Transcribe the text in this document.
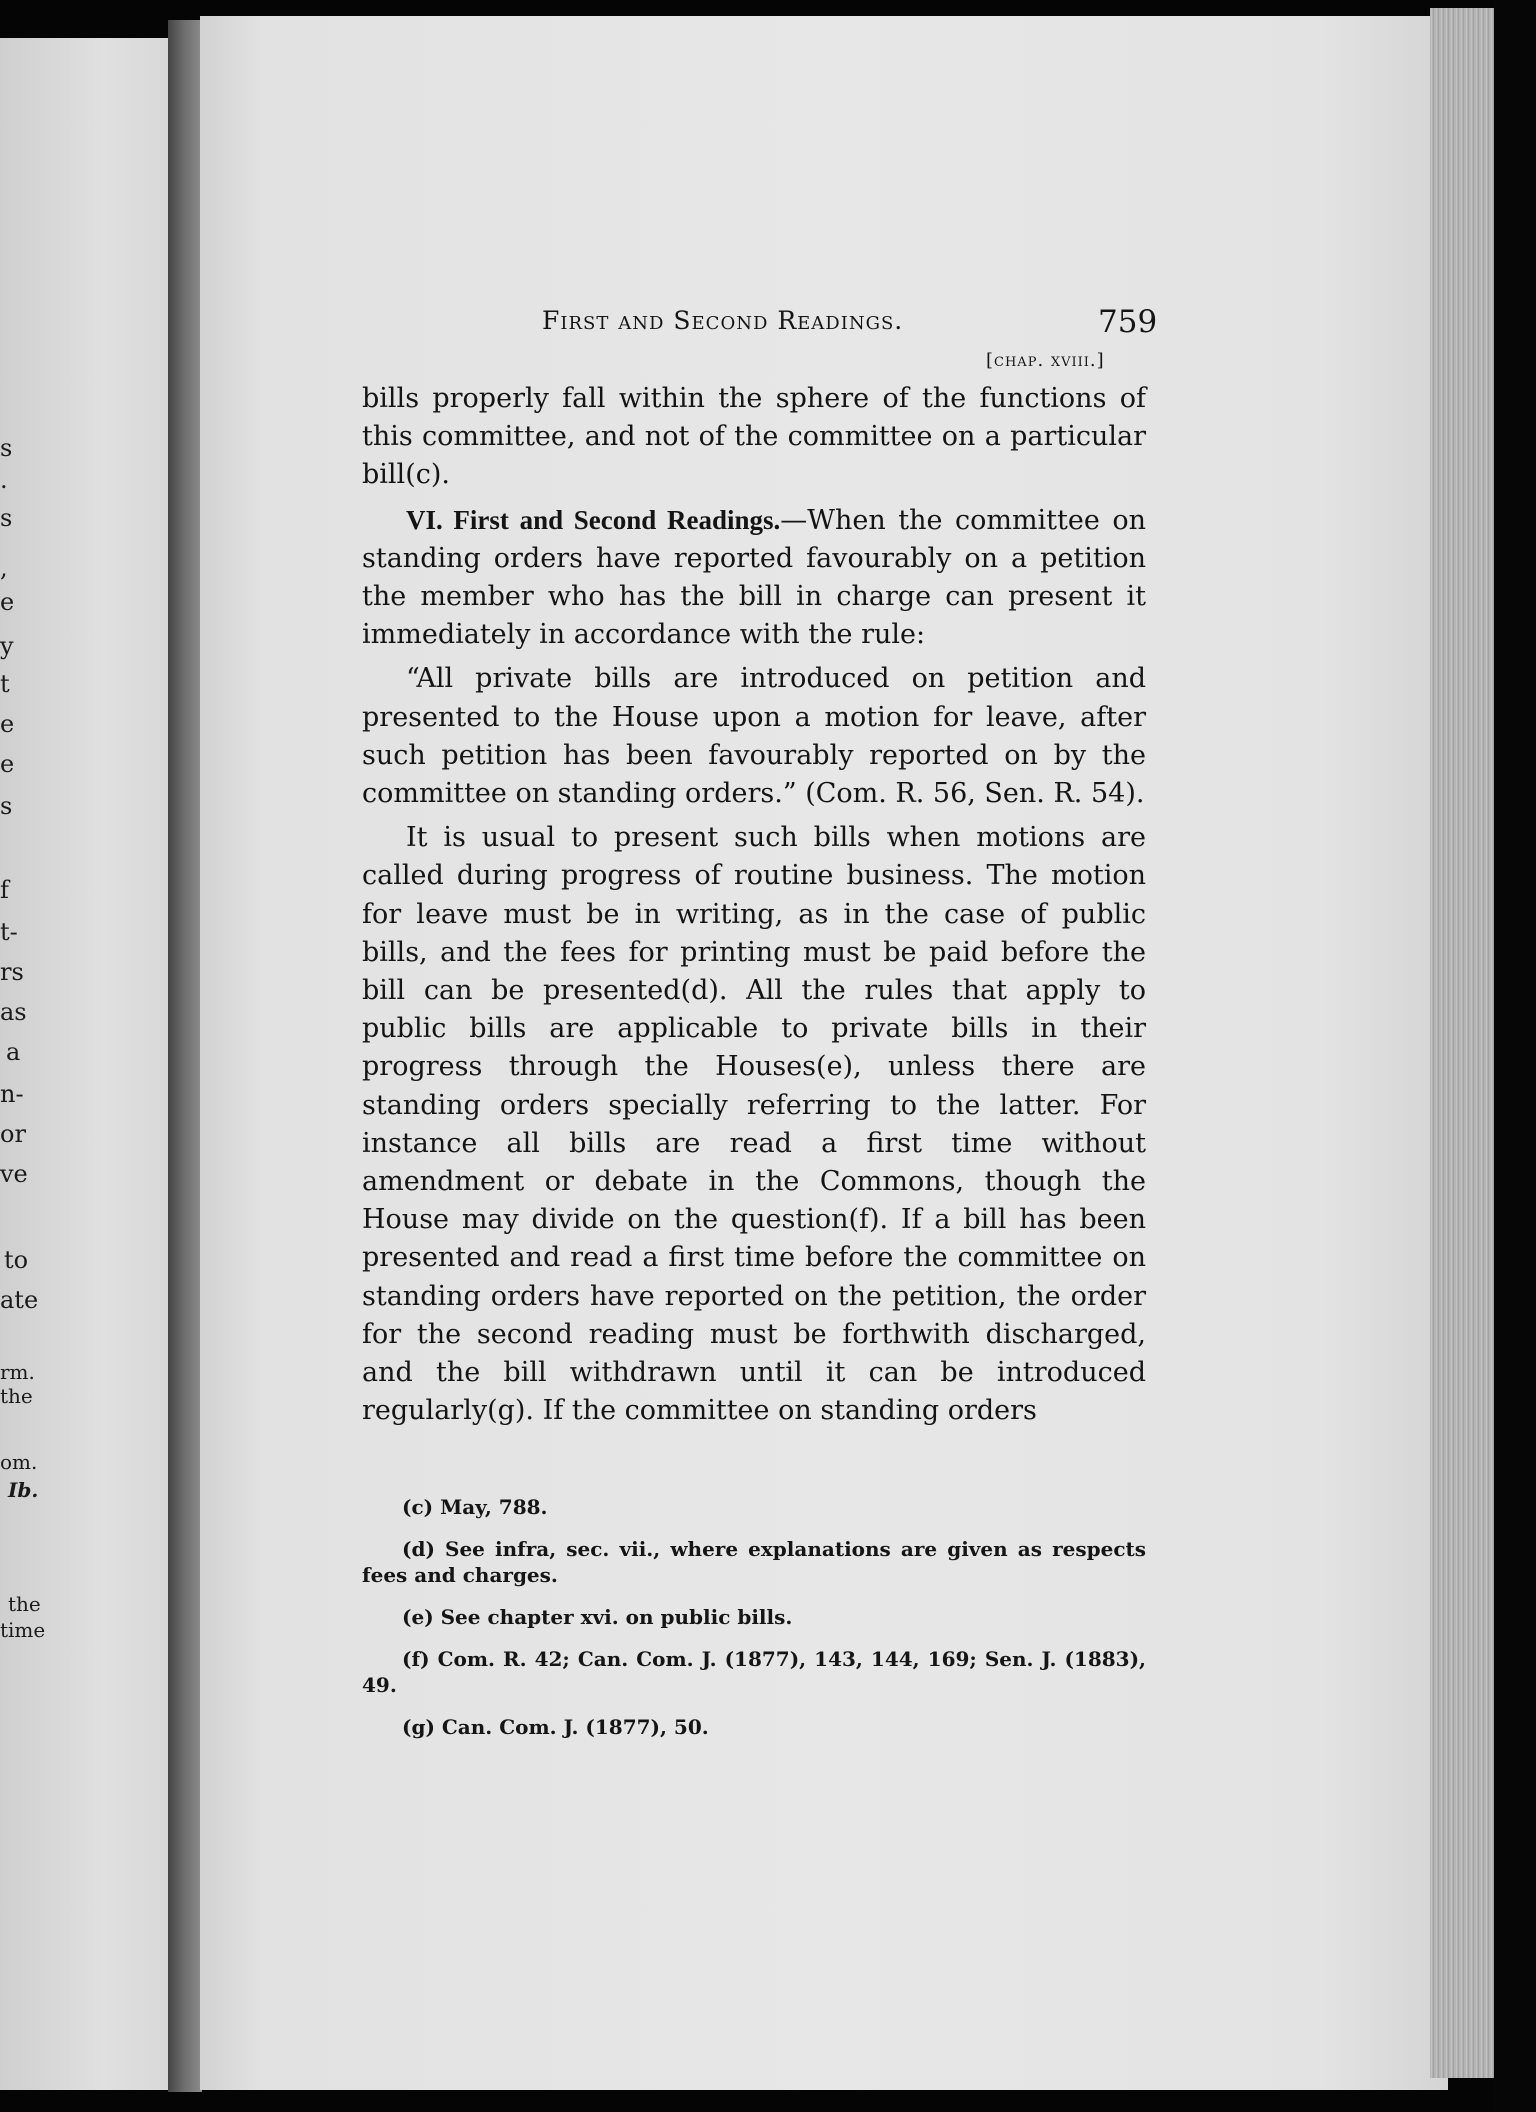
s
.
s
,
e
y
t
e
e
s
f
t-
rs
as
a
n-
or
ve
to
ate
rm.
the
om.
Ib.
the
time
First and Second Readings.	759
[chap. xviii.]

bills properly fall within the sphere of the functions of this committee, and not of the committee on a particular bill(c).

VI. First and Second Readings.—When the committee on standing orders have reported favourably on a petition the member who has the bill in charge can present it immediately in accordance with the rule:

“All private bills are introduced on petition and presented to the House upon a motion for leave, after such petition has been favourably reported on by the committee on standing orders.” (Com. R. 56, Sen. R. 54).

It is usual to present such bills when motions are called during progress of routine business. The motion for leave must be in writing, as in the case of public bills, and the fees for printing must be paid before the bill can be presented(d). All the rules that apply to public bills are applicable to private bills in their progress through the Houses(e), unless there are standing orders specially referring to the latter. For instance all bills are read a first time without amendment or debate in the Commons, though the House may divide on the question(f). If a bill has been presented and read a first time before the committee on standing orders have reported on the petition, the order for the second reading must be forthwith discharged, and the bill withdrawn until it can be introduced regularly(g). If the committee on standing orders

(c) May, 788.

(d) See infra, sec. vii., where explanations are given as respects fees and charges.

(e) See chapter xvi. on public bills.

(f) Com. R. 42; Can. Com. J. (1877), 143, 144, 169; Sen. J. (1883), 49.

(g) Can. Com. J. (1877), 50.
